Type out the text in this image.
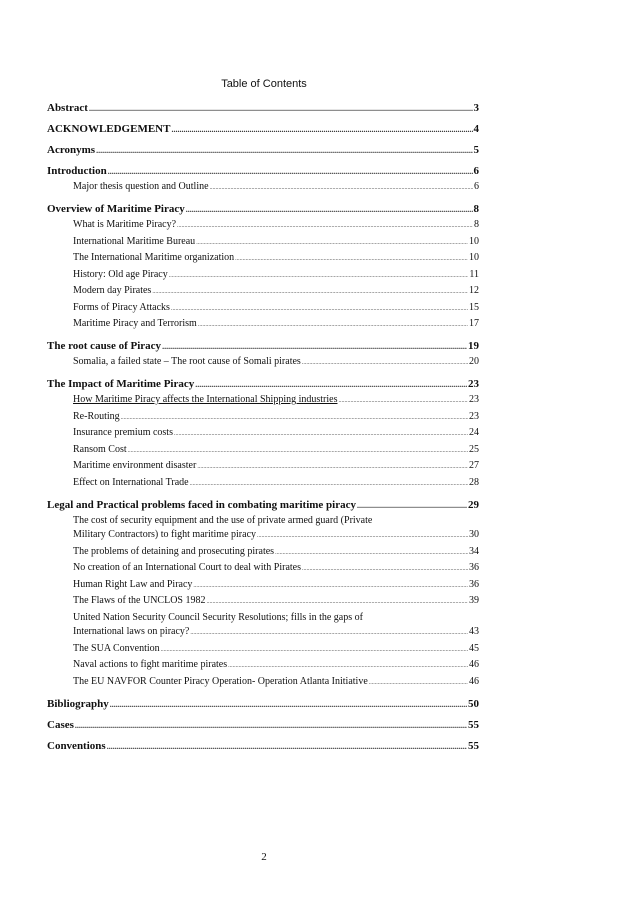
Table of Contents
Abstract .....	3
ACKNOWLEDGEMENT .....	4
Acronyms .....	5
Introduction .....	6
Major thesis question and Outline .....	6
Overview of Maritime Piracy .....	8
What is Maritime Piracy? .....	8
International Maritime Bureau .....	10
The International Maritime organization .....	10
History: Old age Piracy .....	11
Modern day Pirates .....	12
Forms of Piracy Attacks .....	15
Maritime Piracy and Terrorism .....	17
The root cause of Piracy .....	19
Somalia, a failed state – The root cause of Somali pirates .....	20
The Impact of Maritime Piracy .....	23
How Maritime Piracy affects the International Shipping industries .....	23
Re-Routing .....	23
Insurance premium costs .....	24
Ransom Cost .....	25
Maritime environment disaster .....	27
Effect on International Trade .....	28
Legal and Practical problems faced in combating maritime piracy .....	29
The cost of security equipment and the use of private armed guard (Private
Military Contractors) to fight maritime piracy .....	30
The problems of detaining and prosecuting pirates .....	34
No creation of an International Court to deal with Pirates .....	36
Human Right Law and Piracy .....	36
The Flaws of the UNCLOS 1982 .....	39
United Nation Security Council Security Resolutions; fills in the gaps of
International laws on piracy? .....	43
The SUA Convention .....	45
Naval actions to fight maritime pirates .....	46
The EU NAVFOR Counter Piracy Operation- Operation Atlanta Initiative .....	46
Bibliography .....	50
Cases .....	55
Conventions .....	55
2
